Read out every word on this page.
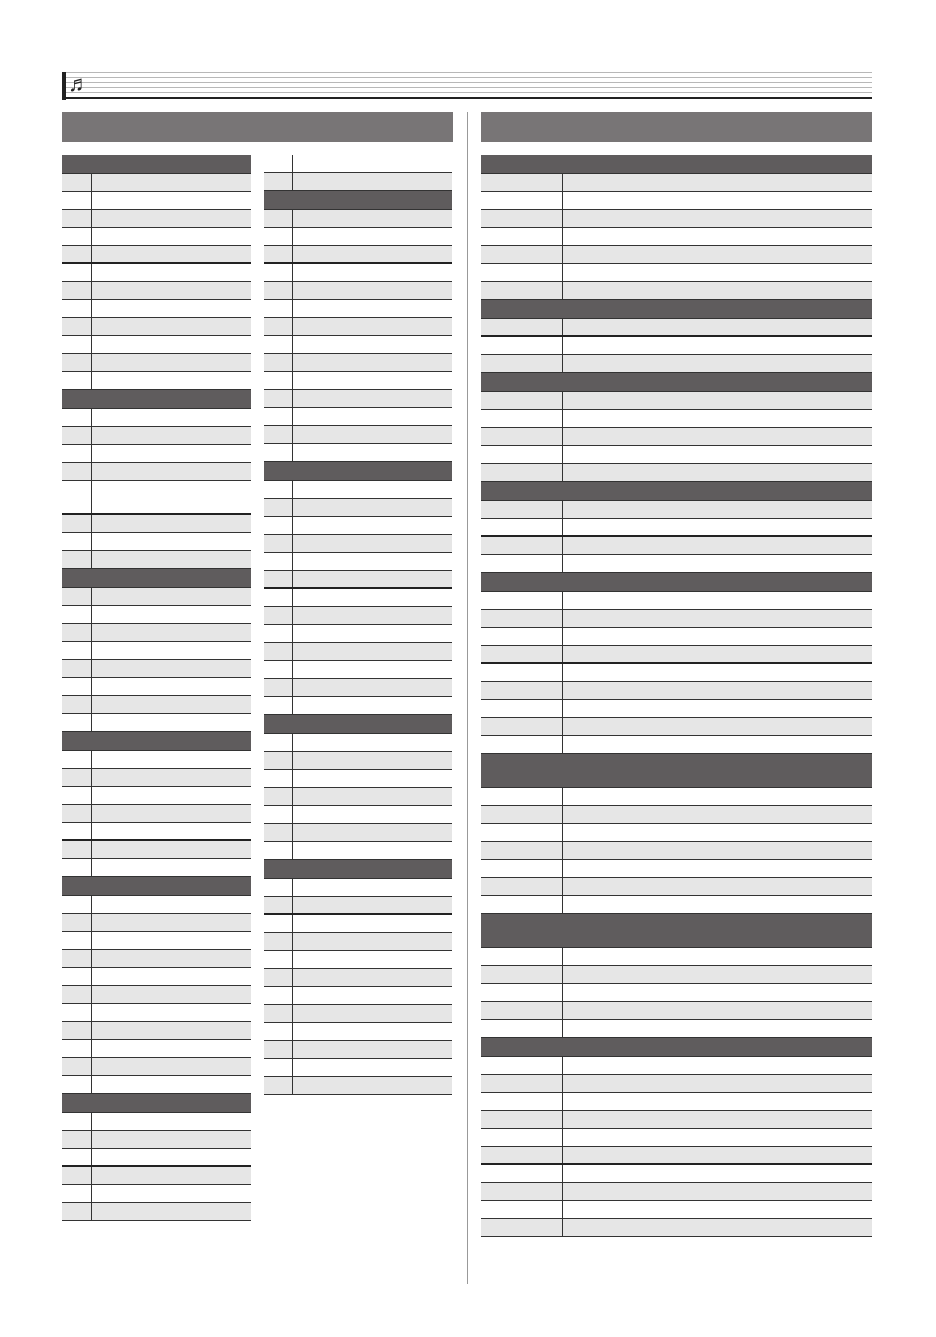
♬
